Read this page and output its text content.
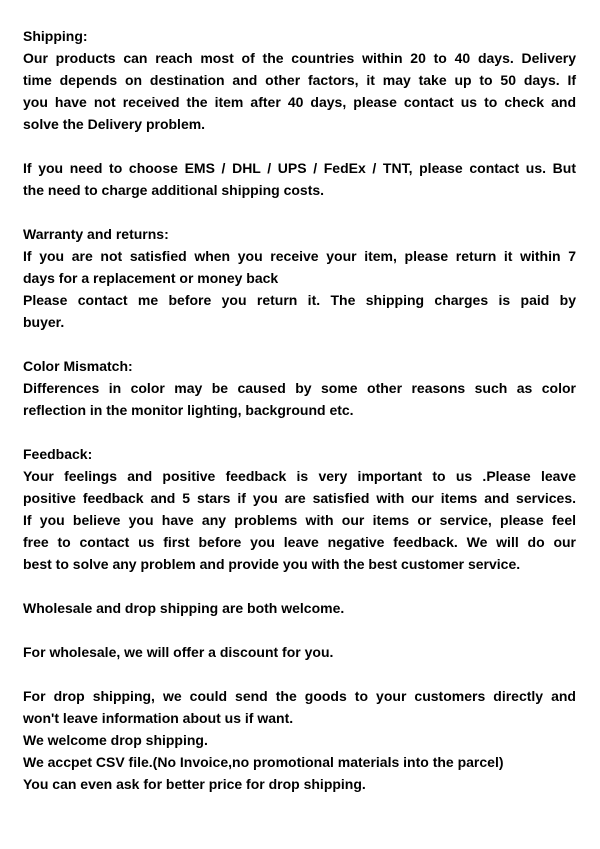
Shipping:
Our products can reach most of the countries within 20 to 40 days. Delivery
time depends on destination and other factors, it may take up to 50 days. If
you have not received the item after 40 days, please contact us to check and
solve the Delivery problem.
If you need to choose EMS / DHL / UPS / FedEx / TNT, please contact us. But
the need to charge additional shipping costs.
Warranty and returns:
If you are not satisfied when you receive your item, please return it within 7
days for a replacement or money back
Please contact me before you return it. The shipping charges is paid by
buyer.
Color Mismatch:
Differences in color may be caused by some other reasons such as color
reflection in the monitor lighting, background etc.
Feedback:
Your feelings and positive feedback is very important to us .Please leave
positive feedback and 5 stars if you are satisfied with our items and services.
If you believe you have any problems with our items or service, please feel
free to contact us first before you leave negative feedback. We will do our
best to solve any problem and provide you with the best customer service.
Wholesale and drop shipping are both welcome.
For wholesale, we will offer a discount for you.
For drop shipping, we could send the goods to your customers directly and
won't leave information about us if want.
We welcome drop shipping.
We accpet CSV file.(No Invoice,no promotional materials into the parcel)
You can even ask for better price for drop shipping.
